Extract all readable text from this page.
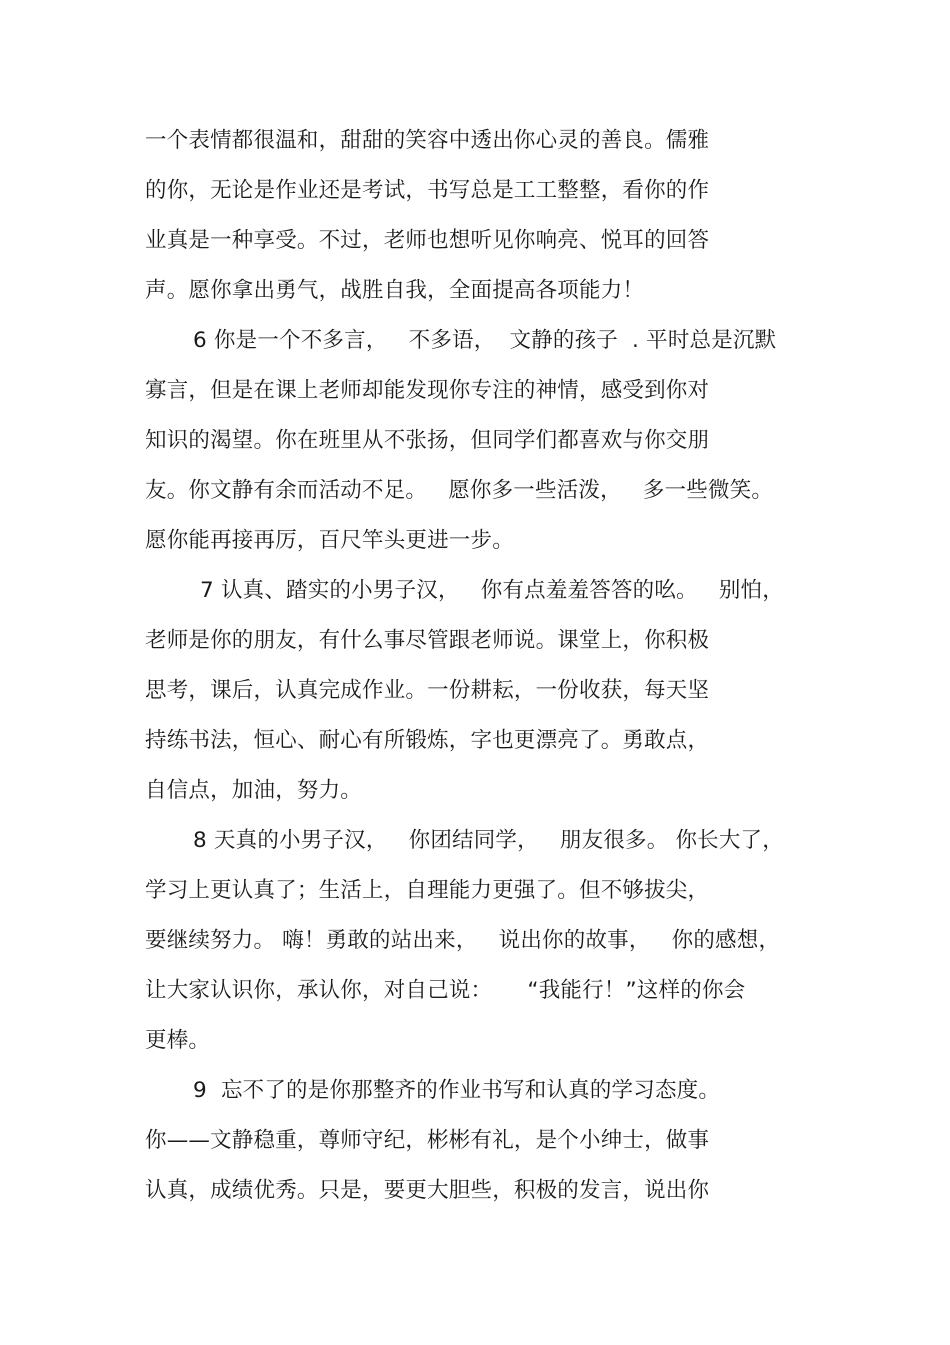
一个表情都很温和，甜甜的笑容中透出你心灵的善良。儒雅
的你，无论是作业还是考试，书写总是工工整整，看你的作
业真是一种享受。不过，老师也想听见你响亮、悦耳的回答
声。愿你拿出勇气，战胜自我，全面提高各项能力！
6 你是一个不多言，   不多语，  文静的孩子  . 平时总是沉默
寡言，但是在课上老师却能发现你专注的神情，感受到你对
知识的渴望。你在班里从不张扬，但同学们都喜欢与你交朋
友。你文静有余而活动不足。   愿你多一些活泼，   多一些微笑。
愿你能再接再厉，百尺竿头更进一步。
7 认真、踏实的小男子汉，   你有点羞羞答答的吆。   别怕，
老师是你的朋友，有什么事尽管跟老师说。课堂上，你积极
思考，课后，认真完成作业。一份耕耘，一份收获，每天坚
持练书法，恒心、耐心有所锻炼，字也更漂亮了。勇敢点，
自信点，加油，努力。
8 天真的小男子汉，   你团结同学，   朋友很多。 你长大了，
学习上更认真了；生活上，自理能力更强了。但不够拔尖，
要继续努力。 嗨！勇敢的站出来，   说出你的故事，   你的感想，
让大家认识你，承认你，对自己说：     “我能行！”这样的你会
更棒。
9  忘不了的是你那整齐的作业书写和认真的学习态度。
你——文静稳重，尊师守纪，彬彬有礼，是个小绅士，做事
认真，成绩优秀。只是，要更大胆些，积极的发言，说出你
